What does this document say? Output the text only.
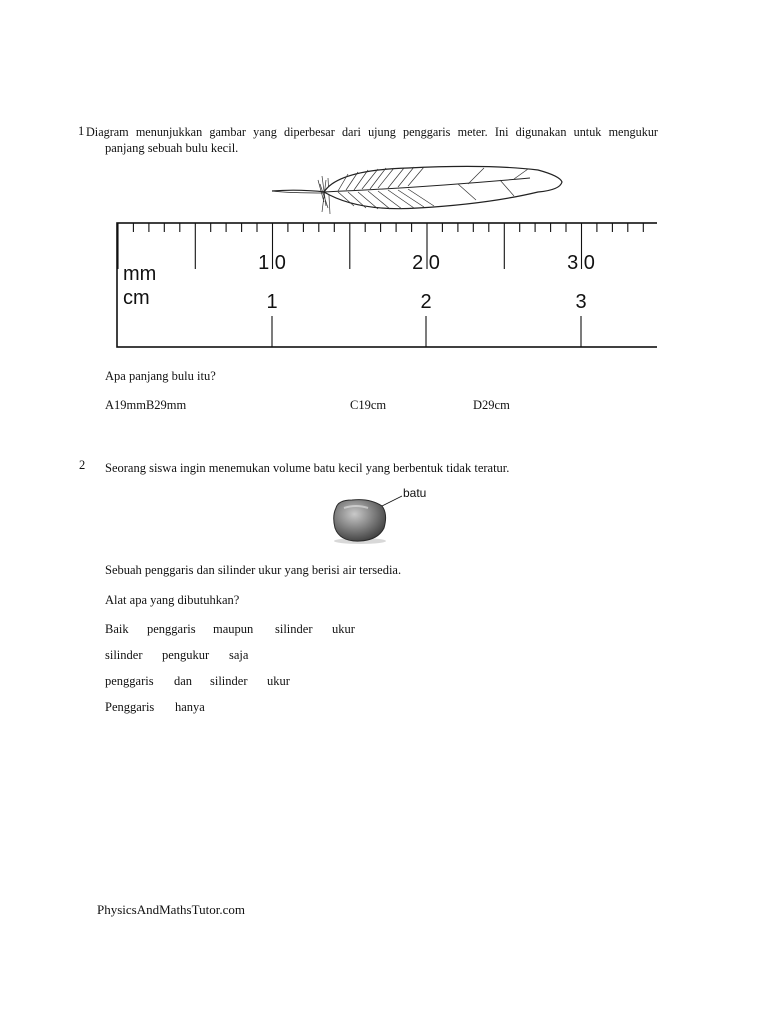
1 Diagram menunjukkan gambar yang diperbesar dari ujung penggaris meter. Ini digunakan untuk mengukur
panjang sebuah bulu kecil.
mm
cm
1 0	2 0	3 0
1	2	3
Apa panjang bulu itu?
A19mmB29mm	C19cm	D29cm
2 Seorang siswa ingin menemukan volume batu kecil yang berbentuk tidak teratur.
batu
Sebuah penggaris dan silinder ukur yang berisi air tersedia.
Alat apa yang dibutuhkan?
Baik penggaris maupun silinder ukur
silinder pengukur saja
penggaris dan silinder ukur
Penggaris hanya
PhysicsAndMathsTutor.com
